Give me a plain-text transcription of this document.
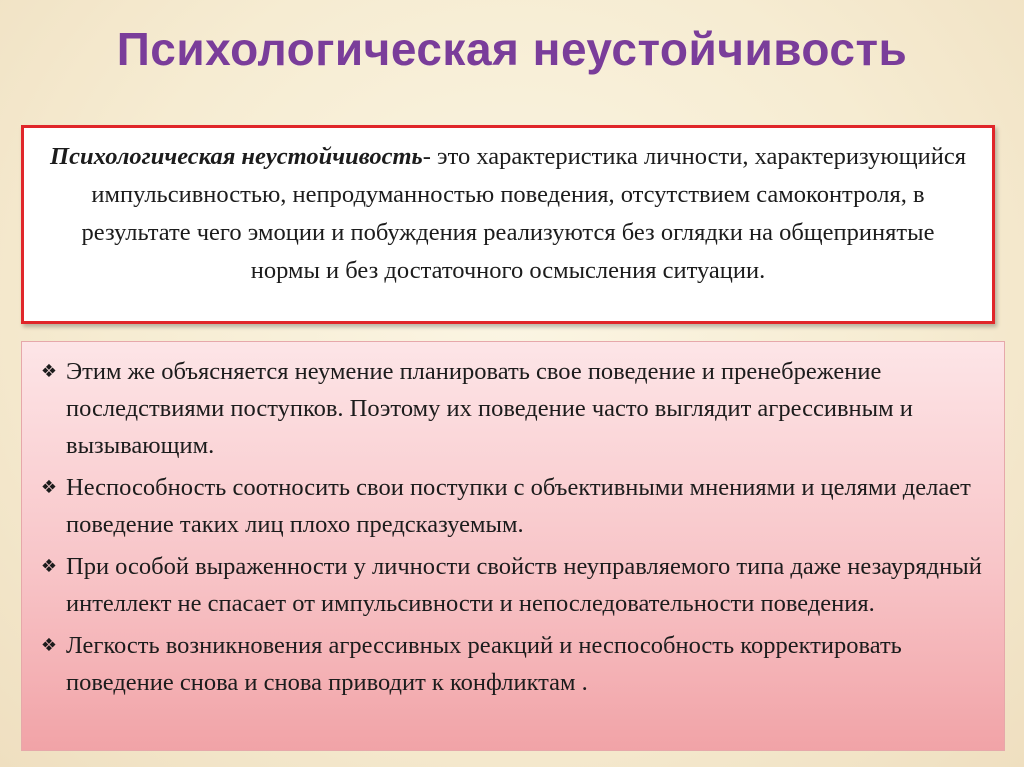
Психологическая неустойчивость
Психологическая неустойчивость- это характеристика личности, характеризующийся импульсивностью, непродуманностью поведения, отсутствием самоконтроля, в результате чего эмоции и побуждения реализуются без оглядки на общепринятые нормы и без достаточного осмысления ситуации.
❖ Этим же объясняется неумение планировать свое поведение и пренебрежение последствиями поступков. Поэтому их поведение часто выглядит агрессивным и вызывающим.
❖ Неспособность соотносить свои поступки с объективными мнениями и целями делает поведение таких лиц плохо предсказуемым.
❖ При особой выраженности у личности свойств неуправляемого типа даже незаурядный интеллект не спасает от импульсивности и непоследовательности поведения.
❖ Легкость возникновения агрессивных реакций и неспособность корректировать поведение снова и снова приводит к конфликтам .
